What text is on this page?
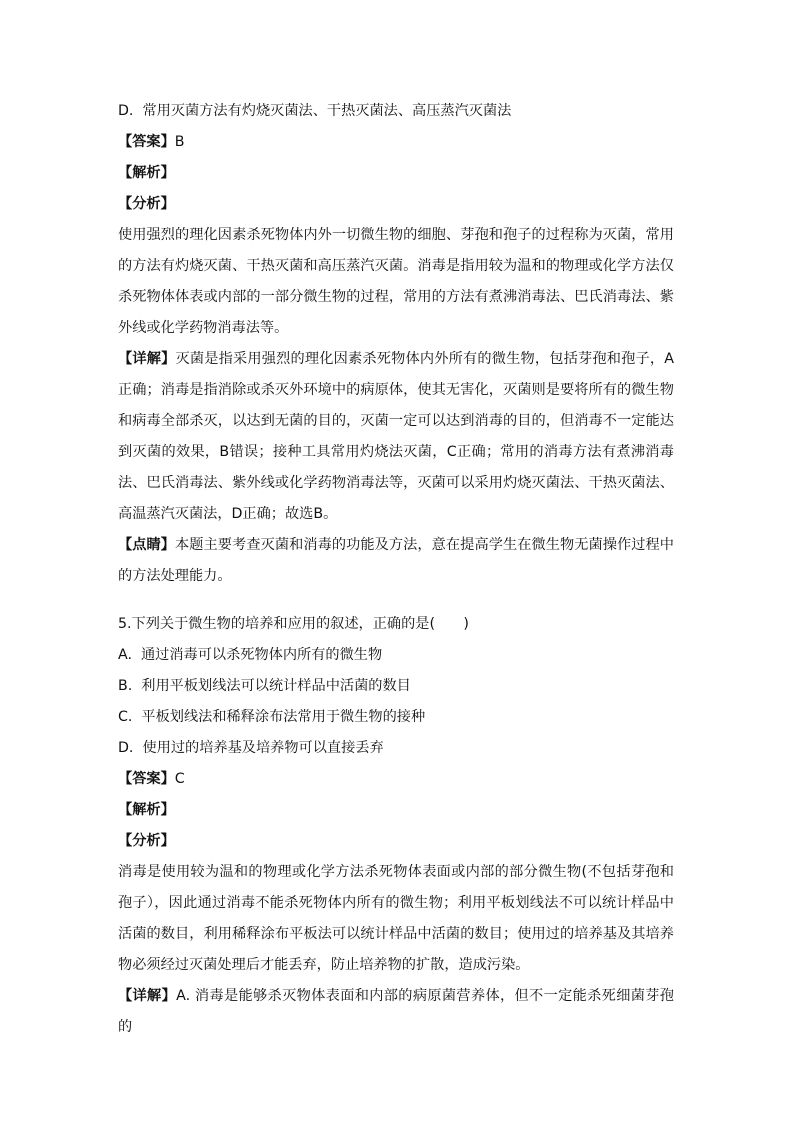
D. 常用灭菌方法有灼烧灭菌法、干热灭菌法、高压蒸汽灭菌法
【答案】B
【解析】
【分析】
使用强烈的理化因素杀死物体内外一切微生物的细胞、芽孢和孢子的过程称为灭菌，常用的方法有灼烧灭菌、干热灭菌和高压蒸汽灭菌。消毒是指用较为温和的物理或化学方法仅杀死物体体表或内部的一部分微生物的过程，常用的方法有煮沸消毒法、巴氏消毒法、紫外线或化学药物消毒法等。
【详解】灭菌是指采用强烈的理化因素杀死物体内外所有的微生物，包括芽孢和孢子，A正确；消毒是指消除或杀灭外环境中的病原体，使其无害化，灭菌则是要将所有的微生物和病毒全部杀灭，以达到无菌的目的，灭菌一定可以达到消毒的目的，但消毒不一定能达到灭菌的效果，B错误；接种工具常用灼烧法灭菌，C正确；常用的消毒方法有煮沸消毒法、巴氏消毒法、紫外线或化学药物消毒法等，灭菌可以采用灼烧灭菌法、干热灭菌法、高温蒸汽灭菌法，D正确；故选B。
【点睛】本题主要考查灭菌和消毒的功能及方法，意在提高学生在微生物无菌操作过程中的方法处理能力。
5.下列关于微生物的培养和应用的叙述，正确的是(　　)
A. 通过消毒可以杀死物体内所有的微生物
B. 利用平板划线法可以统计样品中活菌的数目
C. 平板划线法和稀释涂布法常用于微生物的接种
D. 使用过的培养基及培养物可以直接丢弃
【答案】C
【解析】
【分析】
消毒是使用较为温和的物理或化学方法杀死物体表面或内部的部分微生物(不包括芽孢和孢子），因此通过消毒不能杀死物体内所有的微生物；利用平板划线法不可以统计样品中活菌的数目，利用稀释涂布平板法可以统计样品中活菌的数目；使用过的培养基及其培养物必须经过灭菌处理后才能丢弃，防止培养物的扩散，造成污染。
【详解】A. 消毒是能够杀灭物体表面和内部的病原菌营养体，但不一定能杀死细菌芽孢的
